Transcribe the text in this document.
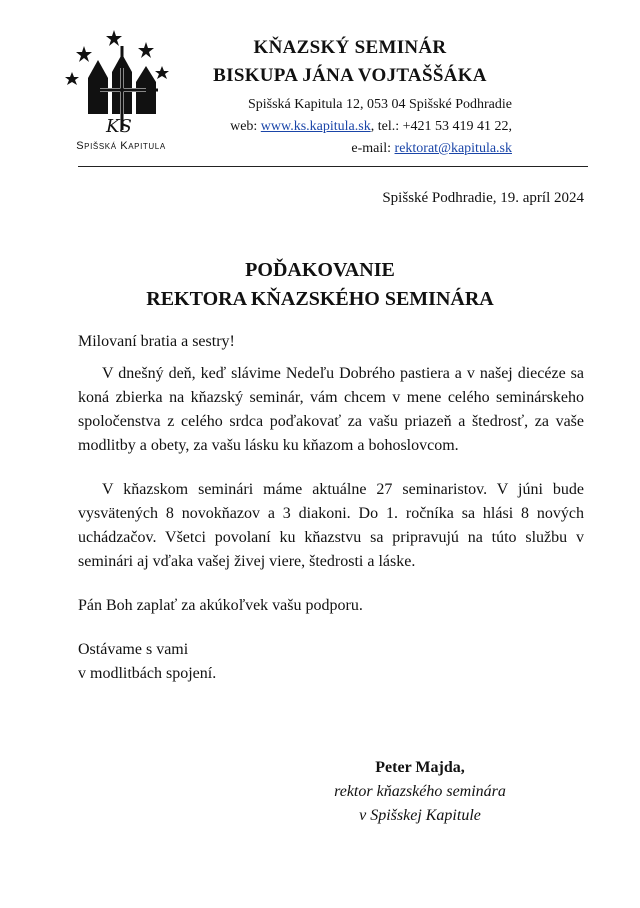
KS
Spišská Kapitula
KŇAZSKÝ SEMINÁR
BISKUPA JÁNA VOJTAŠŠÁKA
Spišská Kapitula 12, 053 04 Spišské Podhradie
web: www.ks.kapitula.sk, tel.: +421 53 419 41 22,
e-mail: rektorat@kapitula.sk
Spišské Podhradie, 19. apríl 2024
POĎAKOVANIE
REKTORA KŇAZSKÉHO SEMINÁRA

Milovaní bratia a sestry!

V dnešný deň, keď slávime Nedeľu Dobrého pastiera a v našej diecéze sa koná zbierka na kňazský seminár, vám chcem v mene celého seminárskeho spoločenstva z celého srdca poďakovať za vašu priazeň a štedrosť, za vaše modlitby a obety, za vašu lásku ku kňazom a bohoslovcom.

V kňazskom seminári máme aktuálne 27 seminaristov. V júni bude vysvätených 8 novokňazov a 3 diakoni. Do 1. ročníka sa hlási 8 nových uchádzačov. Všetci povolaní ku kňazstvu sa pripravujú na túto službu v seminári aj vďaka vašej živej viere, štedrosti a láske.

Pán Boh zaplať za akúkoľvek vašu podporu.

Ostávame s vami

v modlitbách spojení.

Peter Majda,
rektor kňazského seminára
v Spišskej Kapitule
